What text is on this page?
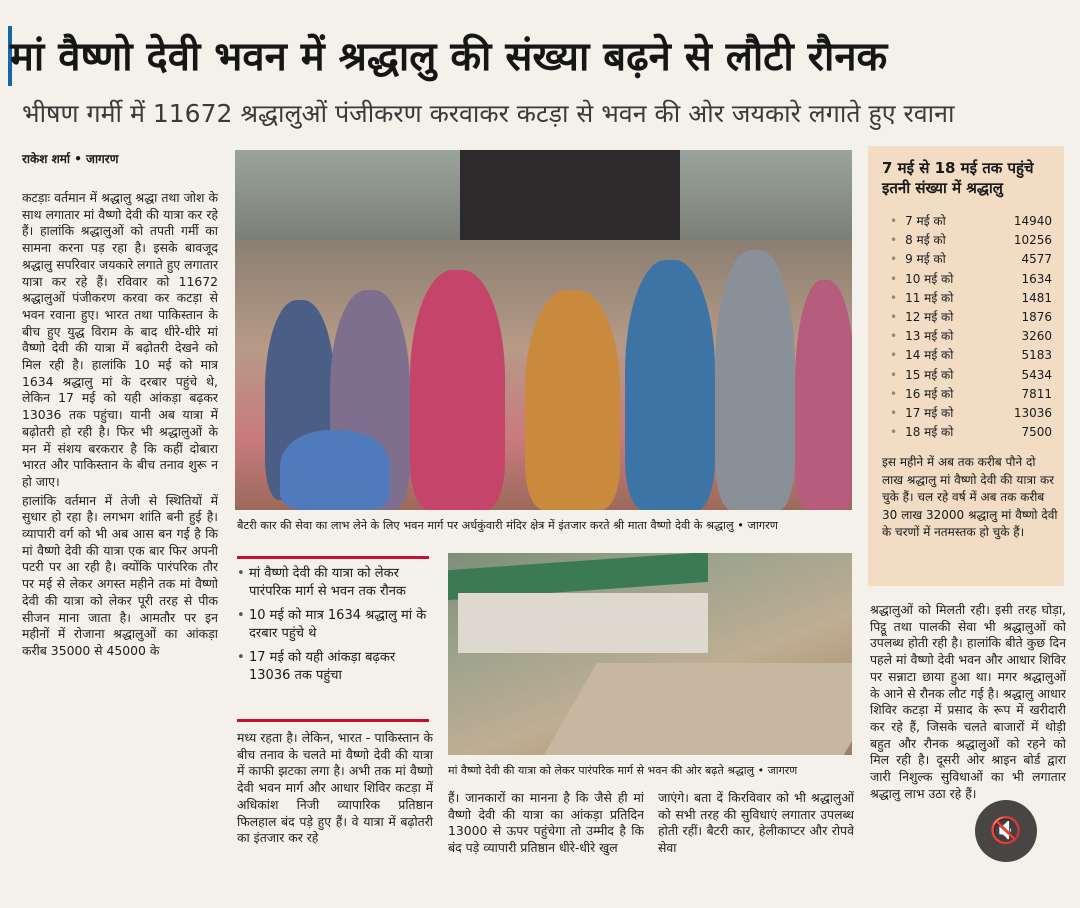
मां वैष्णो देवी भवन में श्रद्धालु की संख्या बढ़ने से लौटी रौनक
भीषण गर्मी में 11672 श्रद्धालुओं पंजीकरण करवाकर कटड़ा से भवन की ओर जयकारे लगाते हुए रवाना
राकेश शर्मा • जागरण

कटड़ाः वर्तमान में श्रद्धालु श्रद्धा तथा जोश के साथ लगातार मां वैष्णो देवी की यात्रा कर रहे हैं। हालांकि श्रद्धालुओं को तपती गर्मी का सामना करना पड़ रहा है। इसके बावजूद श्रद्धालु सपरिवार जयकारे लगाते हुए लगातार यात्रा कर रहे हैं। रविवार को 11672 श्रद्धालुओं पंजीकरण करवा कर कटड़ा से भवन रवाना हुए। भारत तथा पाकिस्तान के बीच हुए युद्ध विराम के बाद धीरे-धीरे मां वैष्णो देवी की यात्रा में बढ़ोतरी देखने को मिल रही है। हालांकि 10 मई को मात्र 1634 श्रद्धालु मां के दरबार पहुंचे थे, लेकिन 17 मई को यही आंकड़ा बढ़कर 13036 तक पहुंचा। यानी अब यात्रा में बढ़ोतरी हो रही है। फिर भी श्रद्धालुओं के मन में संशय बरकरार है कि कहीं दोबारा भारत और पाकिस्तान के बीच तनाव शुरू न हो जाए।

हालांकि वर्तमान में तेजी से स्थितियों में सुधार हो रहा है। लगभग शांति बनी हुई है। व्यापारी वर्ग को भी अब आस बन गई है कि मां वैष्णो देवी की यात्रा एक बार फिर अपनी पटरी पर आ रही है। क्योंकि पारंपरिक तौर पर मई से लेकर अगस्त महीने तक मां वैष्णो देवी की यात्रा को लेकर पूरी तरह से पीक सीजन माना जाता है। आमतौर पर इन महीनों में रोजाना श्रद्धालुओं का आंकड़ा करीब 35000 से 45000 के

बैटरी कार की सेवा का लाभ लेने के लिए भवन मार्ग पर अर्धकुंवारी मंदिर क्षेत्र में इंतजार करते श्री माता वैष्णो देवी के श्रद्धालु • जागरण
7 मई से 18 मई तक पहुंचे इतनी संख्या में श्रद्धालु
• 7 मई को	14940
• 8 मई को	10256
• 9 मई को	4577
• 10 मई को	1634
• 11 मई को	1481
• 12 मई को	1876
• 13 मई को	3260
• 14 मई को	5183
• 15 मई को	5434
• 16 मई को	7811
• 17 मई को	13036
• 18 मई को	7500
इस महीने में अब तक करीब पौने दो लाख श्रद्धालु मां वैष्णो देवी की यात्रा कर चुके हैं। चल रहे वर्ष में अब तक करीब 30 लाख 32000 श्रद्धालु मां वैष्णो देवी के चरणों में नतमस्तक हो चुके हैं।
• मां वैष्णो देवी की यात्रा को लेकर पारंपरिक मार्ग से भवन तक रौनक
• 10 मई को मात्र 1634 श्रद्धालु मां के दरबार पहुंचे थे
• 17 मई को यही आंकड़ा बढ़कर 13036 तक पहुंचा
मां वैष्णो देवी की यात्रा को लेकर पारंपरिक मार्ग से भवन की ओर बढ़ते श्रद्धालु • जागरण

मध्य रहता है। लेकिन, भारत - पाकिस्तान के बीच तनाव के चलते मां वैष्णो देवी की यात्रा में काफी झटका लगा है। अभी तक मां वैष्णो देवी भवन मार्ग और आधार शिविर कटड़ा में अधिकांश निजी व्यापारिक प्रतिष्ठान फिलहाल बंद पड़े हुए हैं। वे यात्रा में बढ़ोतरी का इंतजार कर रहे

हैं। जानकारों का मानना है कि जैसे ही मां वैष्णो देवी की यात्रा का आंकड़ा प्रतिदिन 13000 से ऊपर पहुंचेगा तो उम्मीद है कि बंद पड़े व्यापारी प्रतिष्ठान धीरे-धीरे खुल

जाएंगे। बता दें किरविवार को भी श्रद्धालुओं को सभी तरह की सुविधाएं लगातार उपलब्ध होती रहीं। बैटरी कार, हेलीकाप्टर और रोपवे सेवा

श्रद्धालुओं को मिलती रही। इसी तरह घोड़ा, पिट्ठू तथा पालकी सेवा भी श्रद्धालुओं को उपलब्ध होती रही है। हालांकि बीते कुछ दिन पहले मां वैष्णो देवी भवन और आधार शिविर पर सन्नाटा छाया हुआ था। मगर श्रद्धालुओं के आने से रौनक लौट गई है। श्रद्धालु आधार शिविर कटड़ा में प्रसाद के रूप में खरीदारी कर रहे हैं, जिसके चलते बाजारों में थोड़ी बहुत और रौनक श्रद्धालुओं को रहने को मिल रही है। दूसरी ओर श्राइन बोर्ड द्वारा जारी निशुल्क सुविधाओं का भी लगातार श्रद्धालु लाभ उठा रहे हैं।

🔇
